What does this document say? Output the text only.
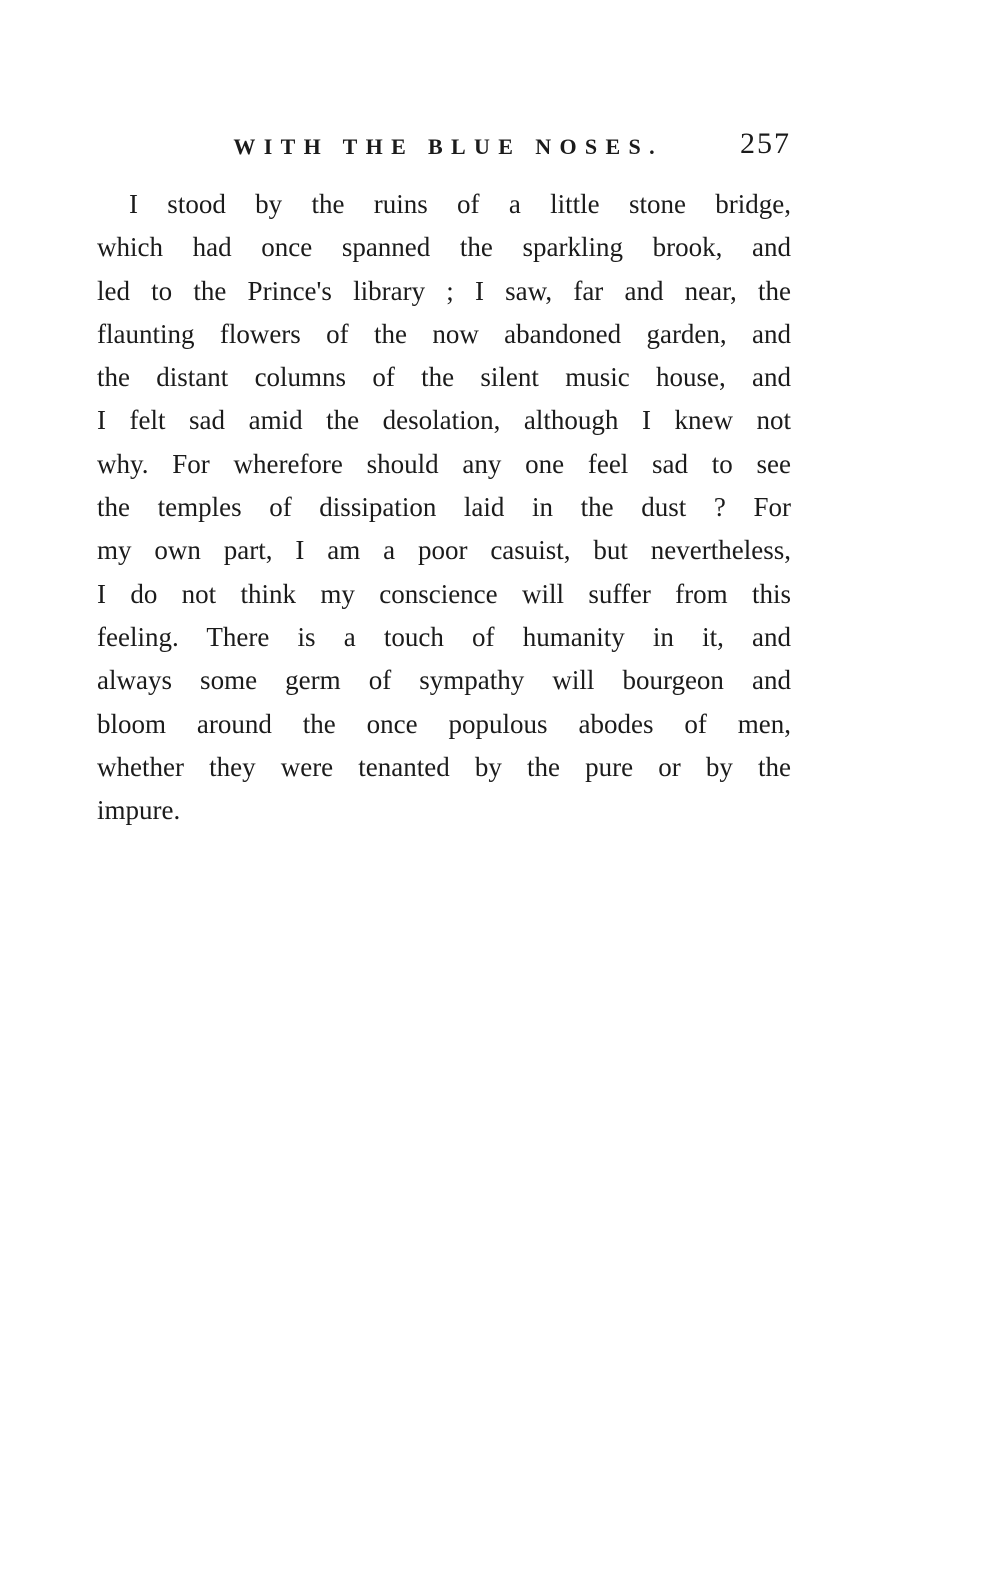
WITH THE BLUE NOSES.	257
I stood by the ruins of a little stone bridge,
which had once spanned the sparkling brook, and
led to the Prince's library ; I saw, far and near, the
flaunting flowers of the now abandoned garden, and
the distant columns of the silent music house, and
I felt sad amid the desolation, although I knew not
why. For wherefore should any one feel sad to see
the temples of dissipation laid in the dust ? For
my own part, I am a poor casuist, but nevertheless,
I do not think my conscience will suffer from this
feeling. There is a touch of humanity in it, and
always some germ of sympathy will bourgeon and
bloom around the once populous abodes of men,
whether they were tenanted by the pure or by the
impure.
